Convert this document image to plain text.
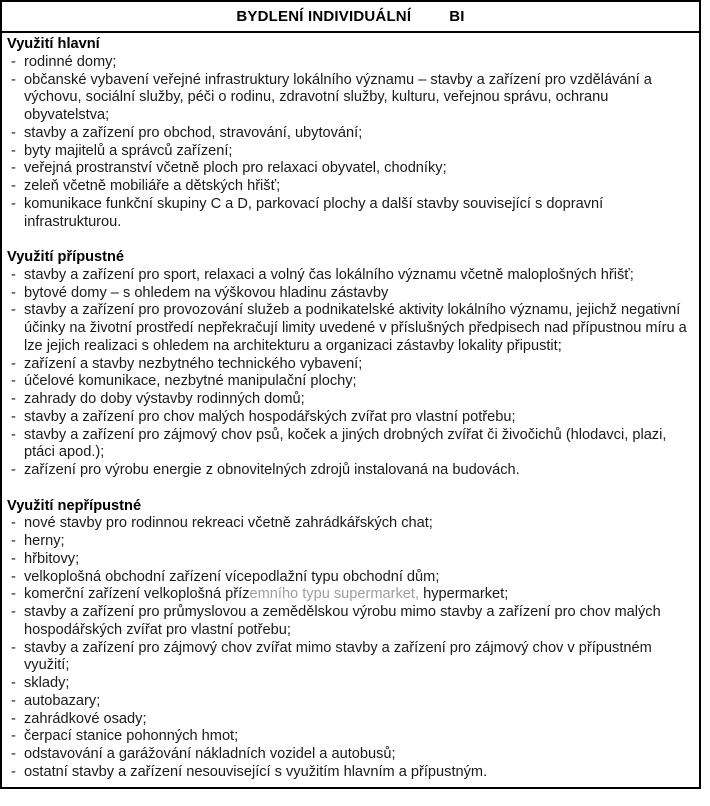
BYDLENÍ INDIVIDUÁLNÍ	BI
Využití hlavní
- rodinné domy;
- občanské vybavení veřejné infrastruktury lokálního významu – stavby a zařízení pro vzdělávání a výchovu, sociální služby, péči o rodinu, zdravotní služby, kulturu, veřejnou správu, ochranu obyvatelstva;
- stavby a zařízení pro obchod, stravování, ubytování;
- byty majitelů a správců zařízení;
- veřejná prostranství včetně ploch pro relaxaci obyvatel, chodníky;
- zeleň včetně mobiliáře a dětských hřišť;
- komunikace funkční skupiny C a D, parkovací plochy a další stavby související s dopravní infrastrukturou.
Využití přípustné
- stavby a zařízení pro sport, relaxaci a volný čas lokálního významu včetně maloplošných hřišť;
- bytové domy – s ohledem na výškovou hladinu zástavby
- stavby a zařízení pro provozování služeb a podnikatelské aktivity lokálního významu, jejichž negativní účinky na životní prostředí nepřekračují limity uvedené v příslušných předpisech nad přípustnou míru a lze jejich realizaci s ohledem na architekturu a organizaci zástavby lokality připustit;
- zařízení a stavby nezbytného technického vybavení;
- účelové komunikace, nezbytné manipulační plochy;
- zahrady do doby výstavby rodinných domů;
- stavby a zařízení pro chov malých hospodářských zvířat pro vlastní potřebu;
- stavby a zařízení pro zájmový chov psů, koček a jiných drobných zvířat či živočichů (hlodavci, plazi, ptáci apod.);
- zařízení pro výrobu energie z obnovitelných zdrojů instalovaná na budovách.
Využití nepřípustné
- nové stavby pro rodinnou rekreaci včetně zahrádkářských chat;
- herny;
- hřbitovy;
- velkoplošná obchodní zařízení vícepodlažní typu obchodní dům;
- komerční zařízení velkoplošná přízemního typu supermarket, hypermarket;
- stavby a zařízení pro průmyslovou a zemědělskou výrobu mimo stavby a zařízení pro chov malých hospodářských zvířat pro vlastní potřebu;
- stavby a zařízení pro zájmový chov zvířat mimo stavby a zařízení pro zájmový chov v přípustném využití;
- sklady;
- autobazary;
- zahrádkové osady;
- čerpací stanice pohonných hmot;
- odstavování a garážování nákladních vozidel a autobusů;
- ostatní stavby a zařízení nesouvisející s využitím hlavním a přípustným.
